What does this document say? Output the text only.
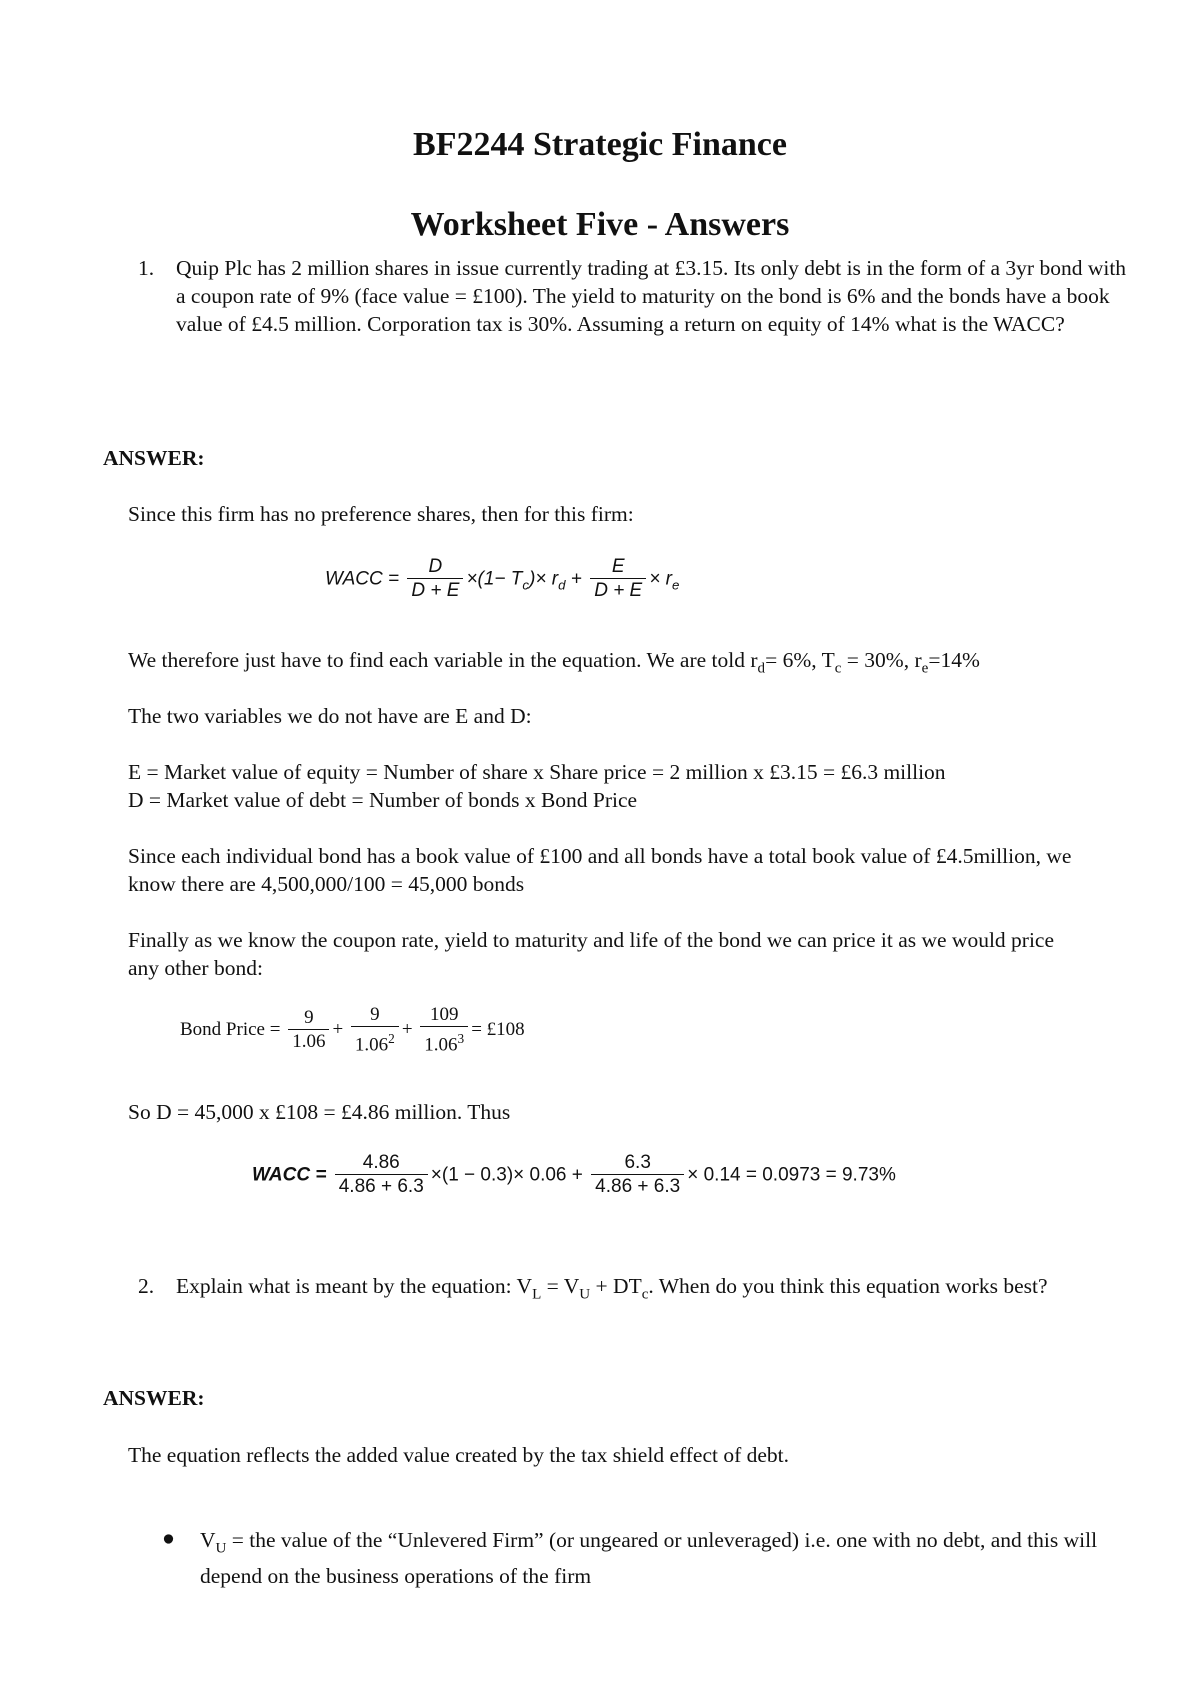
BF2244 Strategic Finance
Worksheet Five - Answers
1. Quip Plc has 2 million shares in issue currently trading at £3.15. Its only debt is in the form of a 3yr bond with a coupon rate of 9% (face value = £100). The yield to maturity on the bond is 6% and the bonds have a book value of £4.5 million. Corporation tax is 30%. Assuming a return on equity of 14% what is the WACC?
ANSWER:
Since this firm has no preference shares, then for this firm:
WACC = $\frac{D}{D + E} \times(1- T_c)\times r_d + \frac{E}{D + E} \times r_e$
We therefore just have to find each variable in the equation. We are told $r_d= 6\%$, $T_c = 30\%$, $r_e=14\%$
The two variables we do not have are E and D:
E = Market value of equity = Number of share x Share price = 2 million x £3.15 = £6.3 million
D = Market value of debt = Number of bonds x Bond Price
Since each individual bond has a book value of £100 and all bonds have a total book value of £4.5million, we know there are 4,500,000/100 = 45,000 bonds
Finally as we know the coupon rate, yield to maturity and life of the bond we can price it as we would price any other bond:
Bond Price = $\frac{9}{1.06} + \frac{9}{1.06^2} + \frac{109}{1.06^3}$ = £108
So D = 45,000 x £108 = £4.86 million. Thus
WACC = $\frac{4.86}{4.86 + 6.3} \times(1 - 0.3)\times 0.06 + \frac{6.3}{4.86 + 6.3} \times 0.14 = 0.0973 = 9.73\%$
2. Explain what is meant by the equation: $V_L = V_U + DT_c$. When do you think this equation works best?
ANSWER:
The equation reflects the added value created by the tax shield effect of debt.
● $V_U$ = the value of the “Unlevered Firm” (or ungeared or unleveraged) i.e. one with no debt, and this will depend on the business operations of the firm
